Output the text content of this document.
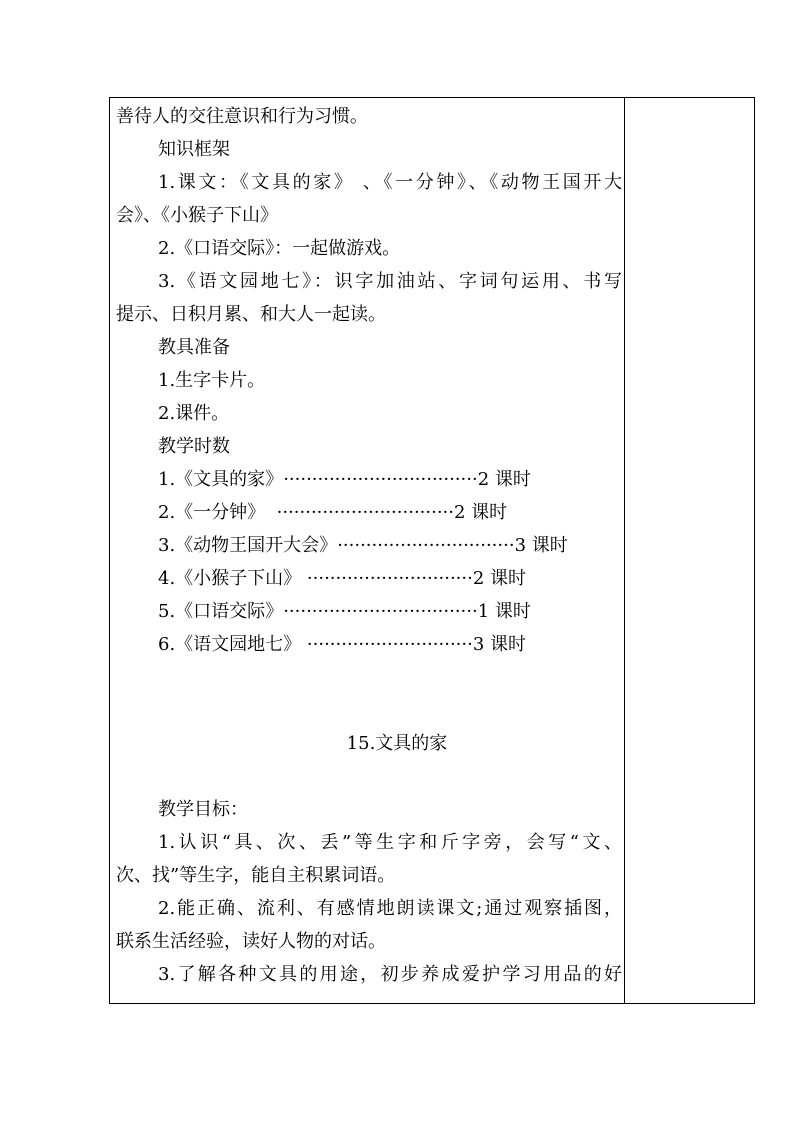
善待人的交往意识和行为习惯。
知识框架
1.课文：《文具的家》 、《一分钟》、《动物王国开大
会》、《小猴子下山》
2.《口语交际》：一起做游戏。
3.《语文园地七》：识字加油站、字词句运用、书写
提示、日积月累、和大人一起读。
教具准备
1.生字卡片。
2.课件。
教学时数
1.《文具的家》 ·································· 2 课时
2.《一分钟》 ······························· 2 课时
3.《动物王国开大会》 ······························· 3 课时
4.《小猴子下山》 ····························· 2 课时
5.《口语交际》 ·································· 1 课时
6.《语文园地七》 ····························· 3 课时
15.文具的家
教学目标：
1.认识“具、次、丢”等生字和斤字旁，会写“文、
次、找”等生字，能自主积累词语。
2.能正确、流利、有感情地朗读课文;通过观察插图，
联系生活经验，读好人物的对话。
3.了解各种文具的用途，初步养成爱护学习用品的好
